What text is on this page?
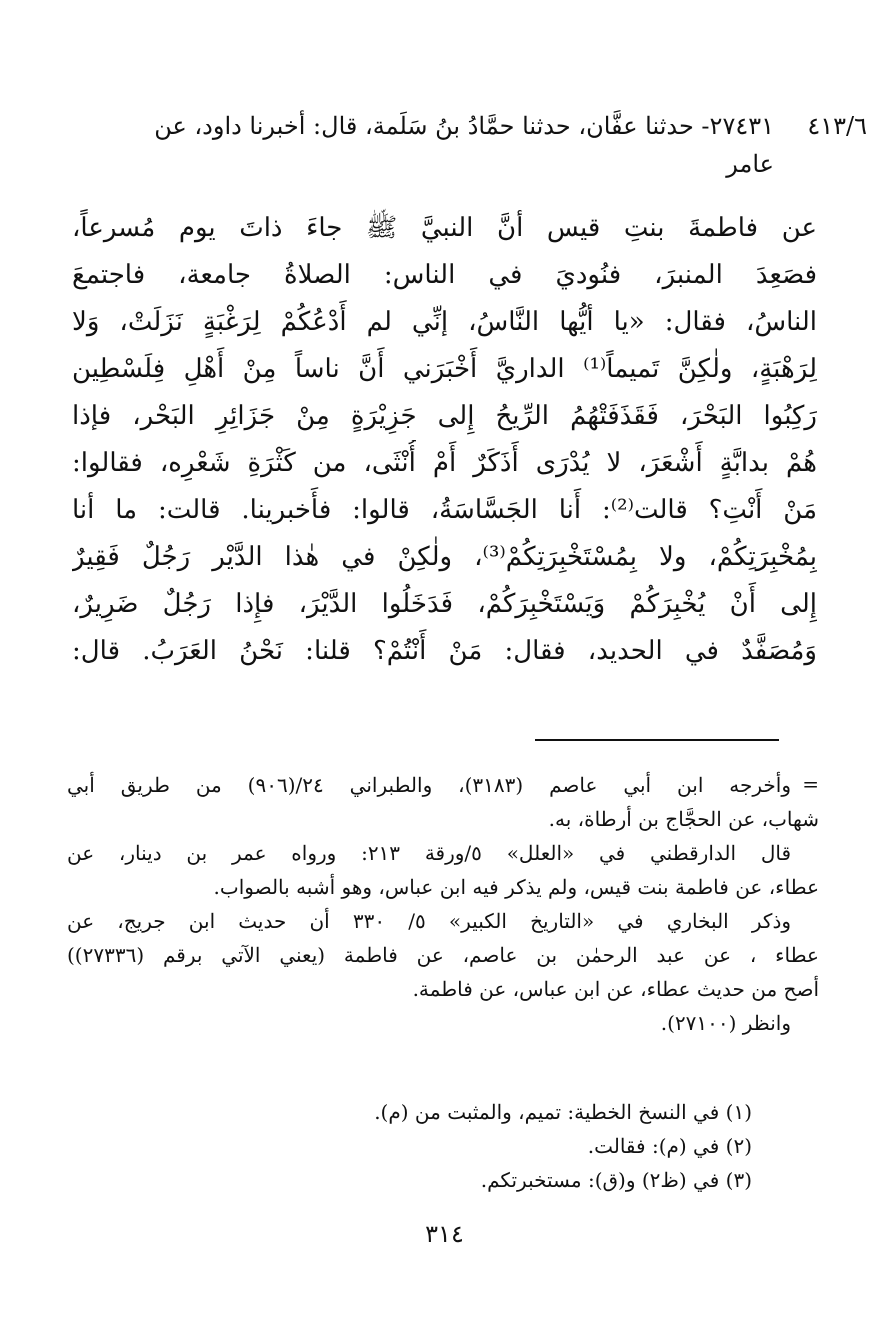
٤١٣/٦
٢٧٤٣١- حدثنا عفَّان، حدثنا حمَّادُ بنُ سَلَمة، قال: أخبرنا داود، عن
عامر
عن فاطمةَ بنتِ قيس أنَّ النبيَّ ﷺ جاءَ ذاتَ يوم مُسرعاً،
فصَعِدَ المنبرَ، فنُوديَ في الناس: الصلاةُ جامعة، فاجتمعَ
الناسُ، فقال: «يا أيُّها النَّاسُ، إنِّي لم أَدْعُكُمْ لِرَغْبَةٍ نَزَلَتْ، وَلا
لِرَهْبَةٍ، ولٰكِنَّ تَميماً⁽¹⁾ الداريَّ أَخْبَرَني أَنَّ ناساً مِنْ أَهْلِ فِلَسْطِين
رَكِبُوا البَحْرَ، فَقَذَفَتْهُمُ الرِّيحُ إِلى جَزِيْرَةٍ مِنْ جَزَائِرِ البَحْر، فإذا
هُمْ بدابَّةٍ أَشْعَرَ، لا يُدْرَى أَذَكَرٌ أَمْ أُنْثَى، من كَثْرَةِ شَعْرِه، فقالوا:
مَنْ أَنْتِ؟ قالت⁽²⁾: أَنا الجَسَّاسَةُ، قالوا: فأَخبرينا. قالت: ما أنا
بِمُخْبِرَتِكُمْ، ولا بِمُسْتَخْبِرَتِكُمْ⁽³⁾، ولٰكِنْ في هٰذا الدَّيْر رَجُلٌ فَقِيرٌ
إِلى أَنْ يُخْبِرَكُمْ وَيَسْتَخْبِرَكُمْ، فَدَخَلُوا الدَّيْرَ، فإِذا رَجُلٌ ضَرِيرٌ،
وَمُصَفَّدٌ في الحديد، فقال: مَنْ أَنْتُمْ؟ قلنا: نَحْنُ العَرَبُ. قال:
=
وأخرجه ابن أبي عاصم (٣١٨٣)، والطبراني ٢٤/(٩٠٦) من طريق أبي
شهاب، عن الحجَّاج بن أرطاة، به.
قال الدارقطني في «العلل» ٥/ورقة ٢١٣: ورواه عمر بن دينار، عن
عطاء، عن فاطمة بنت قيس، ولم يذكر فيه ابن عباس، وهو أشبه بالصواب.
وذكر البخاري في «التاريخ الكبير» ٥/ ٣٣٠ أن حديث ابن جريج، عن
عطاء ، عن عبد الرحمٰن بن عاصم، عن فاطمة (يعني الآتي برقم (٢٧٣٣٦))
أصح من حديث عطاء، عن ابن عباس، عن فاطمة.
وانظر (٢٧١٠٠).
(١) في النسخ الخطية: تميم، والمثبت من (م).
(٢) في (م): فقالت.
(٣) في (ظ٢) و(ق): مستخبرتكم.
٣١٤
